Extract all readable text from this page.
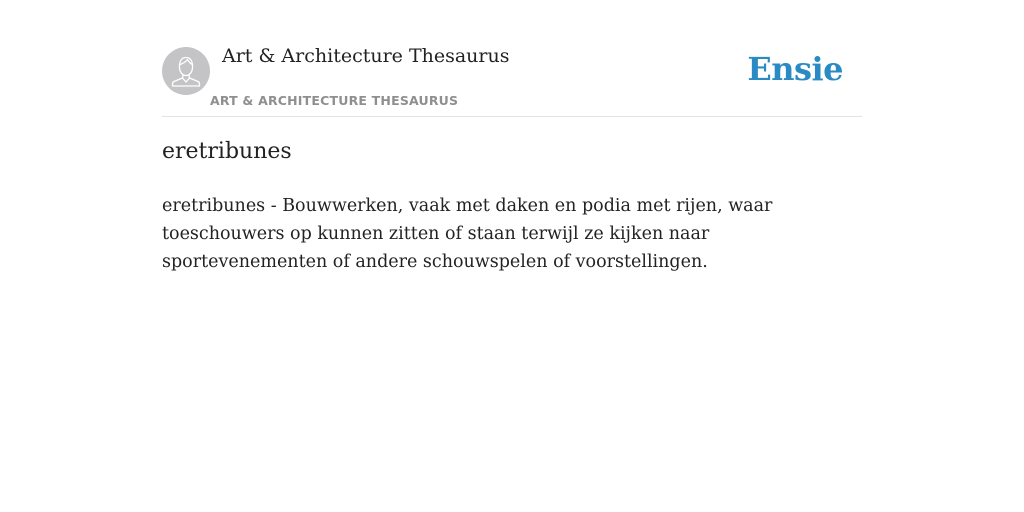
Art & Architecture Thesaurus
ART & ARCHITECTURE THESAURUS
Ensie
eretribunes

eretribunes - Bouwwerken, vaak met daken en podia met rijen, waar toeschouwers op kunnen zitten of staan terwijl ze kijken naar sportevenementen of andere schouwspelen of voorstellingen.
